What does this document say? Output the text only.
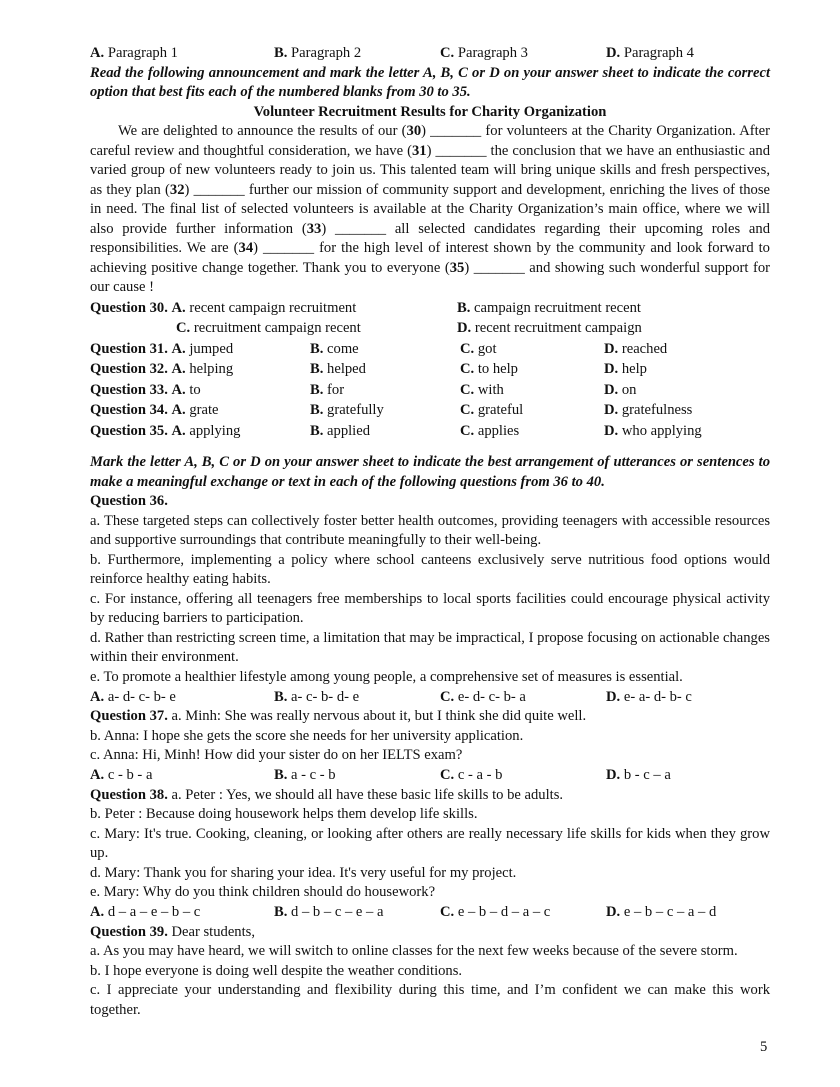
A. Paragraph 1	B. Paragraph 2	C. Paragraph 3	D. Paragraph 4
Read the following announcement and mark the letter A, B, C or D on your answer sheet to indicate the correct option that best fits each of the numbered blanks from 30 to 35.
Volunteer Recruitment Results for Charity Organization
We are delighted to announce the results of our (30) _______ for volunteers at the Charity Organization. After careful review and thoughtful consideration, we have (31) _______ the conclusion that we have an enthusiastic and varied group of new volunteers ready to join us. This talented team will bring unique skills and fresh perspectives, as they plan (32) _______ further our mission of community support and development, enriching the lives of those in need. The final list of selected volunteers is available at the Charity Organization’s main office, where we will also provide further information (33) _______ all selected candidates regarding their upcoming roles and responsibilities. We are (34) _______ for the high level of interest shown by the community and look forward to achieving positive change together. Thank you to everyone (35) _______ and showing such wonderful support for our cause !
Question 30. A. recent campaign recruitment	B. campaign recruitment recent
C. recruitment campaign recent	D. recent recruitment campaign
Question 31. A. jumped	B. come	C. got	D. reached
Question 32. A. helping	B. helped	C. to help	D. help
Question 33. A. to	B. for	C. with	D. on
Question 34. A. grate	B. gratefully	C. grateful	D. gratefulness
Question 35. A. applying	B. applied	C. applies	D. who applying
Mark the letter A, B, C or D on your answer sheet to indicate the best arrangement of utterances or sentences to make a meaningful exchange or text in each of the following questions from 36 to 40.
Question 36.
a. These targeted steps can collectively foster better health outcomes, providing teenagers with accessible resources and supportive surroundings that contribute meaningfully to their well-being.
b. Furthermore, implementing a policy where school canteens exclusively serve nutritious food options would reinforce healthy eating habits.
c. For instance, offering all teenagers free memberships to local sports facilities could encourage physical activity by reducing barriers to participation.
d. Rather than restricting screen time, a limitation that may be impractical, I propose focusing on actionable changes within their environment.
e. To promote a healthier lifestyle among young people, a comprehensive set of measures is essential.
A. a- d- c- b- e	B. a- c- b- d- e	C. e- d- c- b- a	D. e- a- d- b- c
Question 37. a. Minh: She was really nervous about it, but I think she did quite well.
b. Anna: I hope she gets the score she needs for her university application.
c. Anna: Hi, Minh! How did your sister do on her IELTS exam?
A. c - b - a	B. a - c - b	C. c - a - b	D. b - c – a
Question 38. a. Peter : Yes, we should all have these basic life skills to be adults.
b. Peter : Because doing housework helps them develop life skills.
c. Mary: It's true. Cooking, cleaning, or looking after others are really necessary life skills for kids when they grow up.
d. Mary: Thank you for sharing your idea. It's very useful for my project.
e. Mary: Why do you think children should do housework?
A. d – a – e – b – c	B. d – b – c – e – a	C. e – b – d – a – c	D. e – b – c – a – d
Question 39. Dear students,
a. As you may have heard, we will switch to online classes for the next few weeks because of the severe storm.
b. I hope everyone is doing well despite the weather conditions.
c. I appreciate your understanding and flexibility during this time, and I’m confident we can make this work together.
5
